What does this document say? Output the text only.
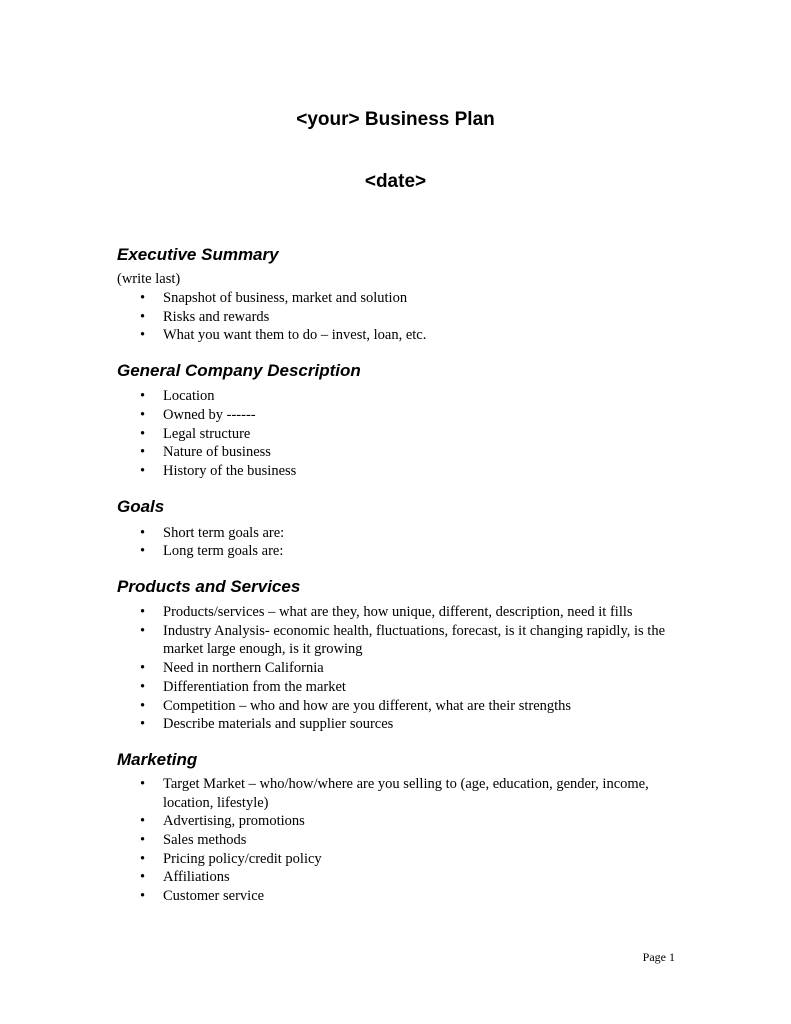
<your> Business Plan
<date>
Executive Summary

(write last)

• Snapshot of business, market and solution
• Risks and rewards
• What you want them to do – invest, loan, etc.
General Company Description
• Location
• Owned by ------
• Legal structure
• Nature of business
• History of the business
Goals
• Short term goals are:
• Long term goals are:
Products and Services
• Products/services – what are they, how unique, different, description, need it fills
• Industry Analysis- economic health, fluctuations, forecast, is it changing rapidly, is the market large enough, is it growing
• Need in northern California
• Differentiation from the market
• Competition – who and how are you different, what are their strengths
• Describe materials and supplier sources
Marketing
• Target Market – who/how/where are you selling to (age, education, gender, income, location, lifestyle)
• Advertising, promotions
• Sales methods
• Pricing policy/credit policy
• Affiliations
• Customer service
Page 1
